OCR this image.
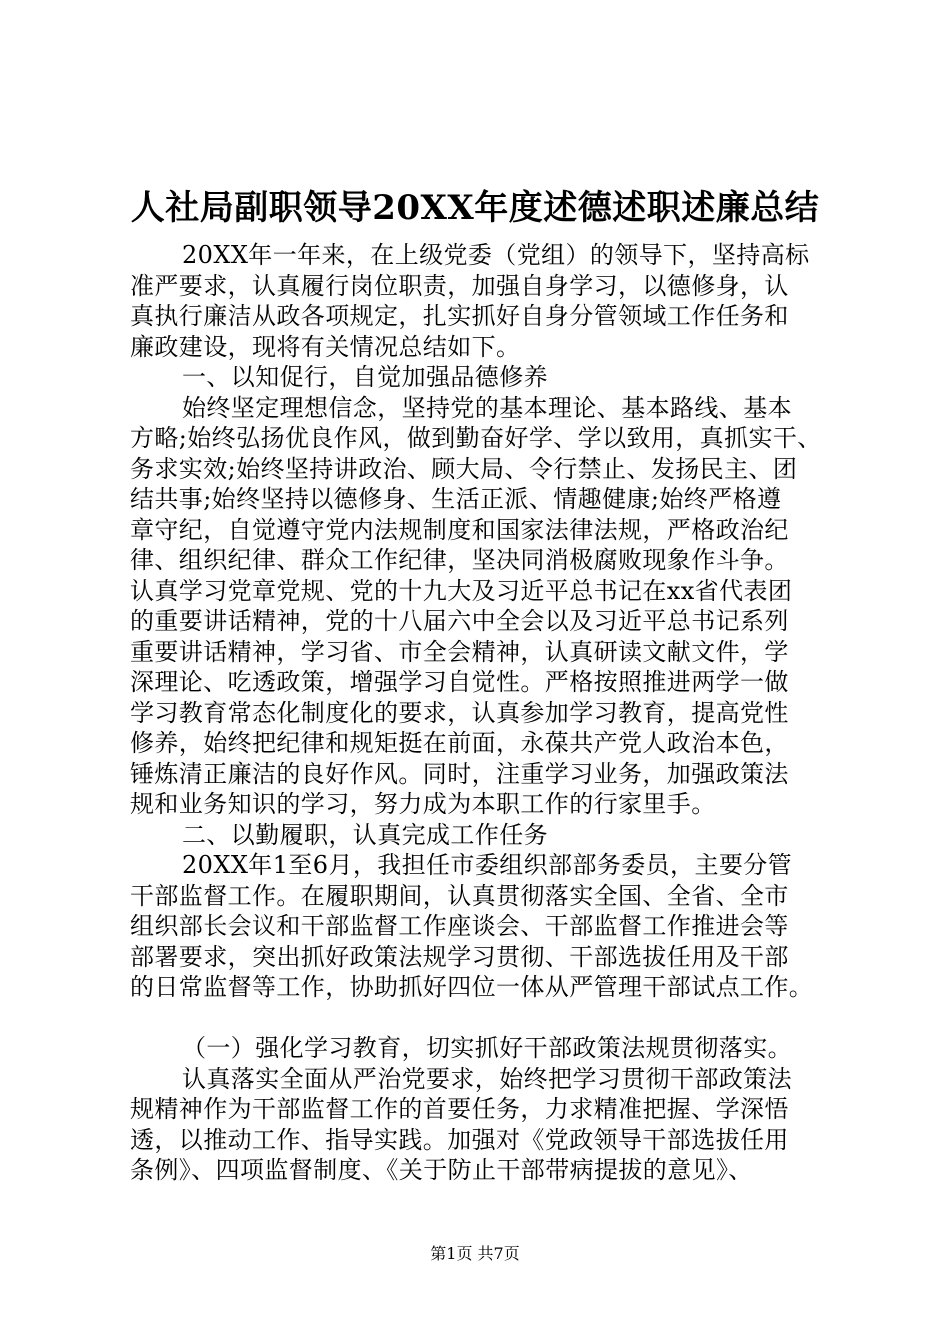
人社局副职领导20XX年度述德述职述廉总结
20XX年一年来，在上级党委（党组）的领导下，坚持高标
准严要求，认真履行岗位职责，加强自身学习，以德修身，认
真执行廉洁从政各项规定，扎实抓好自身分管领域工作任务和
廉政建设，现将有关情况总结如下。
一、以知促行，自觉加强品德修养
始终坚定理想信念，坚持党的基本理论、基本路线、基本
方略;始终弘扬优良作风，做到勤奋好学、学以致用，真抓实干、
务求实效;始终坚持讲政治、顾大局、令行禁止、发扬民主、团
结共事;始终坚持以德修身、生活正派、情趣健康;始终严格遵
章守纪，自觉遵守党内法规制度和国家法律法规，严格政治纪
律、组织纪律、群众工作纪律，坚决同消极腐败现象作斗争。
认真学习党章党规、党的十九大及习近平总书记在xx省代表团
的重要讲话精神，党的十八届六中全会以及习近平总书记系列
重要讲话精神，学习省、市全会精神，认真研读文献文件，学
深理论、吃透政策，增强学习自觉性。严格按照推进两学一做
学习教育常态化制度化的要求，认真参加学习教育，提高党性
修养，始终把纪律和规矩挺在前面，永葆共产党人政治本色，
锤炼清正廉洁的良好作风。同时，注重学习业务，加强政策法
规和业务知识的学习，努力成为本职工作的行家里手。
二、以勤履职，认真完成工作任务
20XX年1至6月，我担任市委组织部部务委员，主要分管
干部监督工作。在履职期间，认真贯彻落实全国、全省、全市
组织部长会议和干部监督工作座谈会、干部监督工作推进会等
部署要求，突出抓好政策法规学习贯彻、干部选拔任用及干部
的日常监督等工作，协助抓好四位一体从严管理干部试点工作。
（一）强化学习教育，切实抓好干部政策法规贯彻落实。
认真落实全面从严治党要求，始终把学习贯彻干部政策法
规精神作为干部监督工作的首要任务，力求精准把握、学深悟
透，以推动工作、指导实践。加强对《党政领导干部选拔任用
条例》、四项监督制度、《关于防止干部带病提拔的意见》、
第1页 共7页
